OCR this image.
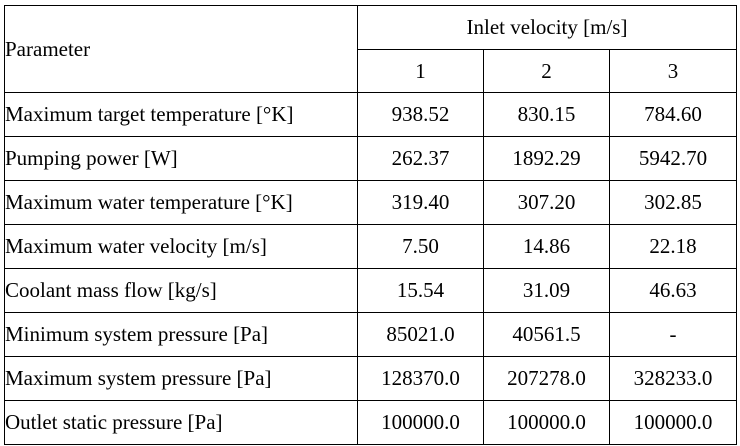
Parameter	Inlet velocity [m/s]		
	1	2	3
Maximum target temperature [°K]	938.52	830.15	784.60
Pumping power [W]	262.37	1892.29	5942.70
Maximum water temperature [°K]	319.40	307.20	302.85
Maximum water velocity [m/s]	7.50	14.86	22.18
Coolant mass flow [kg/s]	15.54	31.09	46.63
Minimum system pressure [Pa]	85021.0	40561.5	-
Maximum system pressure [Pa]	128370.0	207278.0	328233.0
Outlet static pressure [Pa]	100000.0	100000.0	100000.0
